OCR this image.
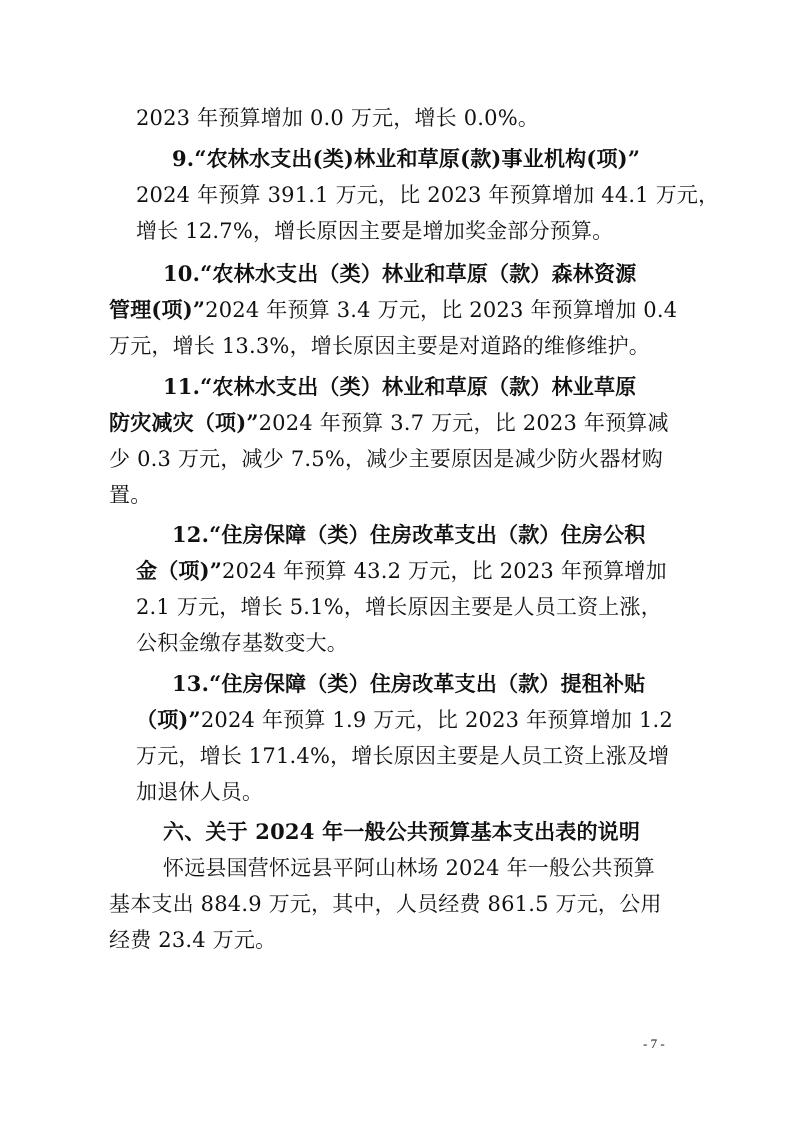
2023 年预算增加 0.0 万元，增长 0.0%。

9.“农林水支出(类)林业和草原(款)事业机构(项)”

2024 年预算 391.1 万元，比 2023 年预算增加 44.1 万元，

增长 12.7%，增长原因主要是增加奖金部分预算。

10.“农林水支出（类）林业和草原（款）森林资源

管理(项)”2024 年预算 3.4 万元，比 2023 年预算增加 0.4

万元，增长 13.3%，增长原因主要是对道路的维修维护。

11.“农林水支出（类）林业和草原（款）林业草原

防灾减灾（项)”2024 年预算 3.7 万元，比 2023 年预算减

少 0.3 万元，减少 7.5%，减少主要原因是减少防火器材购

置。

12.“住房保障（类）住房改革支出（款）住房公积

金（项)”2024 年预算 43.2 万元，比 2023 年预算增加

2.1 万元，增长 5.1%，增长原因主要是人员工资上涨，

公积金缴存基数变大。

13.“住房保障（类）住房改革支出（款）提租补贴

（项)”2024 年预算 1.9 万元，比 2023 年预算增加 1.2

万元，增长 171.4%，增长原因主要是人员工资上涨及增

加退休人员。

六、关于 2024 年一般公共预算基本支出表的说明

怀远县国营怀远县平阿山林场 2024 年一般公共预算

基本支出 884.9 万元，其中，人员经费 861.5 万元，公用

经费 23.4 万元。

- 7 -
